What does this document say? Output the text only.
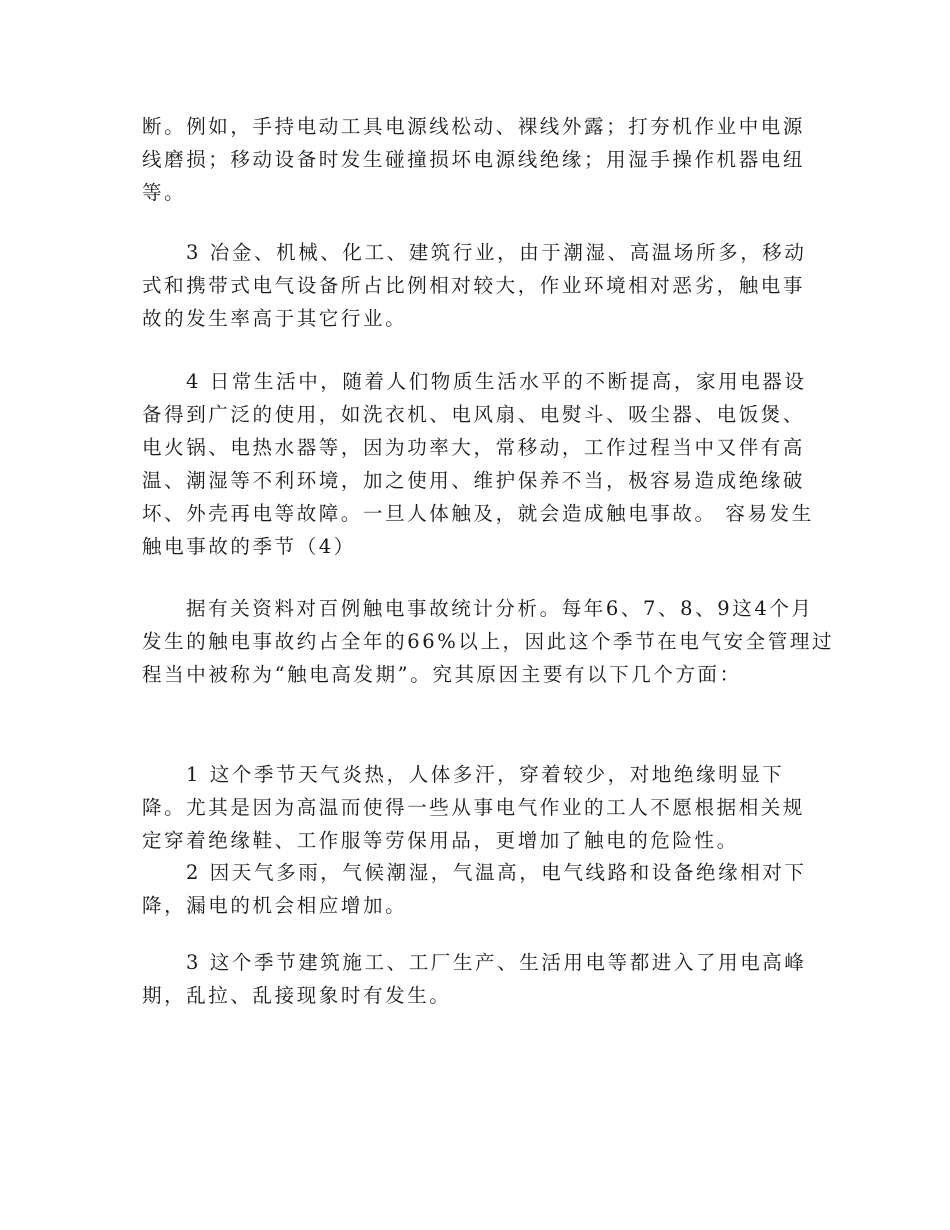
断。例如，手持电动工具电源线松动、裸线外露；打夯机作业中电源
线磨损；移动设备时发生碰撞损坏电源线绝缘；用湿手操作机器电纽
等。
3 冶金、机械、化工、建筑行业，由于潮湿、高温场所多，移动
式和携带式电气设备所占比例相对较大，作业环境相对恶劣，触电事
故的发生率高于其它行业。
4 日常生活中，随着人们物质生活水平的不断提高，家用电器设
备得到广泛的使用，如洗衣机、电风扇、电熨斗、吸尘器、电饭煲、
电火锅、电热水器等，因为功率大，常移动，工作过程当中又伴有高
温、潮湿等不利环境，加之使用、维护保养不当，极容易造成绝缘破
坏、外壳再电等故障。一旦人体触及，就会造成触电事故。 容易发生
触电事故的季节（4）
据有关资料对百例触电事故统计分析。每年6、7、8、9这4个月
发生的触电事故约占全年的66%以上，因此这个季节在电气安全管理过
程当中被称为“触电高发期”。究其原因主要有以下几个方面：
1 这个季节天气炎热，人体多汗，穿着较少，对地绝缘明显下
降。尤其是因为高温而使得一些从事电气作业的工人不愿根据相关规
定穿着绝缘鞋、工作服等劳保用品，更增加了触电的危险性。
2 因天气多雨，气候潮湿，气温高，电气线路和设备绝缘相对下
降，漏电的机会相应增加。
3 这个季节建筑施工、工厂生产、生活用电等都进入了用电高峰
期，乱拉、乱接现象时有发生。
